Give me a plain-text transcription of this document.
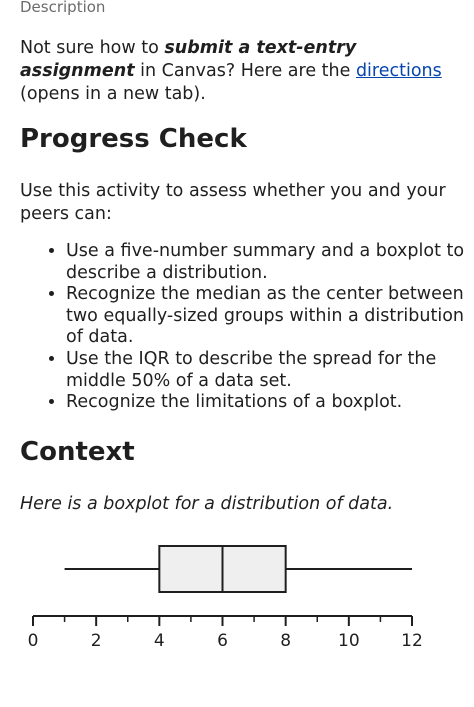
Description

Not sure how to submit a text-entry assignment in Canvas? Here are the directions (opens in a new tab).

Progress Check

Use this activity to assess whether you and your peers can:

• Use a five-number summary and a boxplot to describe a distribution.
• Recognize the median as the center between two equally-sized groups within a distribution of data.
• Use the IQR to describe the spread for the middle 50% of a data set.
• Recognize the limitations of a boxplot.
Context

Here is a boxplot for a distribution of data.

0	2	4	6	8	10 12
